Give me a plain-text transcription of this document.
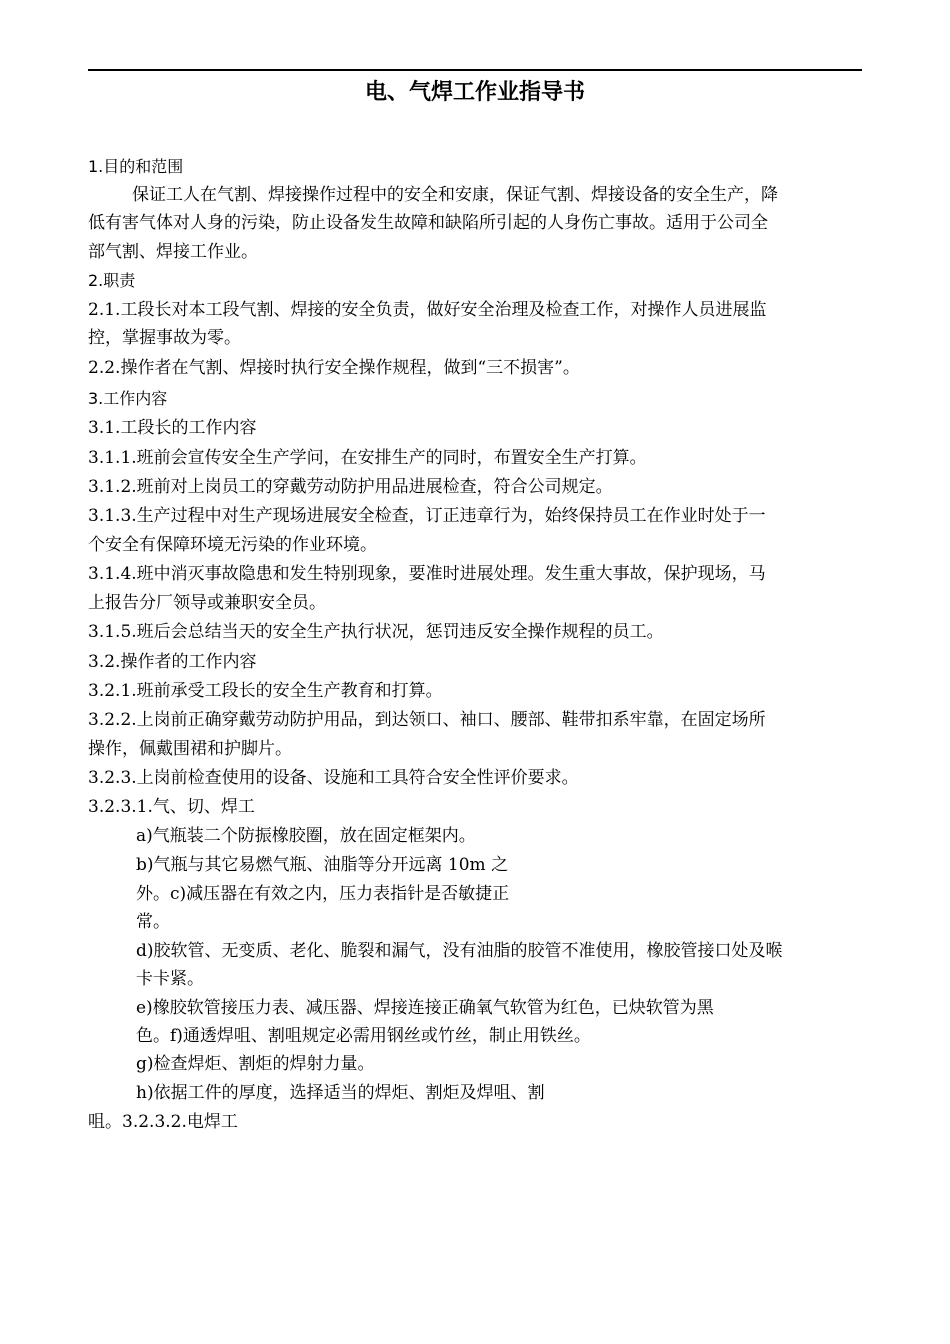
电、气焊工作业指导书
1.目的和范围
保证工人在气割、焊接操作过程中的安全和安康，保证气割、焊接设备的安全生产，降
低有害气体对人身的污染，防止设备发生故障和缺陷所引起的人身伤亡事故。适用于公司全
部气割、焊接工作业。
2.职责
2.1.工段长对本工段气割、焊接的安全负责，做好安全治理及检查工作，对操作人员进展监
控，掌握事故为零。
2.2.操作者在气割、焊接时执行安全操作规程，做到“三不损害”。
3.工作内容
3.1.工段长的工作内容
3.1.1.班前会宣传安全生产学问，在安排生产的同时，布置安全生产打算。
3.1.2.班前对上岗员工的穿戴劳动防护用品进展检查，符合公司规定。
3.1.3.生产过程中对生产现场进展安全检查，订正违章行为，始终保持员工在作业时处于一
个安全有保障环境无污染的作业环境。
3.1.4.班中消灭事故隐患和发生特别现象，要准时进展处理。发生重大事故，保护现场，马
上报告分厂领导或兼职安全员。
3.1.5.班后会总结当天的安全生产执行状况，惩罚违反安全操作规程的员工。
3.2.操作者的工作内容
3.2.1.班前承受工段长的安全生产教育和打算。
3.2.2.上岗前正确穿戴劳动防护用品，到达领口、袖口、腰部、鞋带扣系牢靠，在固定场所
操作，佩戴围裙和护脚片。
3.2.3.上岗前检查使用的设备、设施和工具符合安全性评价要求。
3.2.3.1.气、切、焊工
a)气瓶装二个防振橡胶圈，放在固定框架内。
b)气瓶与其它易燃气瓶、油脂等分开远离 10m 之
外。c)减压器在有效之内，压力表指针是否敏捷正
常。
d)胶软管、无变质、老化、脆裂和漏气，没有油脂的胶管不准使用，橡胶管接口处及喉
卡卡紧。
e)橡胶软管接压力表、减压器、焊接连接正确氧气软管为红色，已炔软管为黑
色。f)通透焊咀、割咀规定必需用钢丝或竹丝，制止用铁丝。
g)检查焊炬、割炬的焊射力量。
h)依据工件的厚度，选择适当的焊炬、割炬及焊咀、割
咀。3.2.3.2.电焊工
